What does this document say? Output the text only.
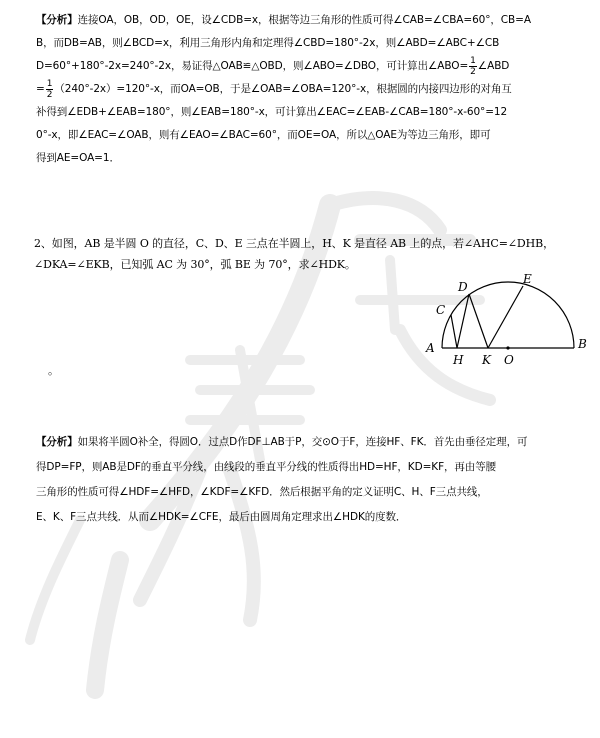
【分析】连接OA，OB，OD，OE，设∠CDB=x，根据等边三角形的性质可得∠CAB=∠CBA=60°，CB=A
B，而DB=AB，则∠BCD=x，利用三角形内角和定理得∠CBD=180°-2x，则∠ABD=∠ABC+∠CB
D=60°+180°-2x=240°-2x，易证得△OAB≌△OBD，则∠ABO=∠DBO，可计算出∠ABO= $\frac{1}{2}$ ∠ABD
= $\frac{1}{2} (240^\circ-2x)=120^\circ-x$，而OA=OB，于是∠OAB=∠OBA=120°-x，根据圆的内接四边形的对角互
补得到∠EDB+∠EAB=180°，则∠EAB=180°-x，可计算出∠EAC=∠EAB-∠CAB=180°-x-60°=12
0°-x，即∠EAC=∠OAB，则有∠EAO=∠BAC=60°，而OE=OA，所以△OAE为等边三角形，即可
得到AE=OA=1．
2、如图，AB 是半圆 O 的直径，C、D、E 三点在半圆上，H、K 是直径 AB 上的点，若∠AHC=∠DHB，
∠DKA=∠EKB，已知弧 AC 为 30°，弧 BE 为 70°，求∠HDK。
。
A	B
C
D
E
H K O
【分析】如果将半圆O补全，得圆O．过点D作DF⊥AB于P，交⊙O于F，连接HF、FK．首先由垂径定理，可
得DP=FP，则AB是DF的垂直平分线，由线段的垂直平分线的性质得出HD=HF，KD=KF，再由等腰
三角形的性质可得∠HDF=∠HFD，∠KDF=∠KFD．然后根据平角的定义证明C、H、F三点共线，
E、K、F三点共线．从而∠HDK=∠CFE，最后由圆周角定理求出∠HDK的度数．
